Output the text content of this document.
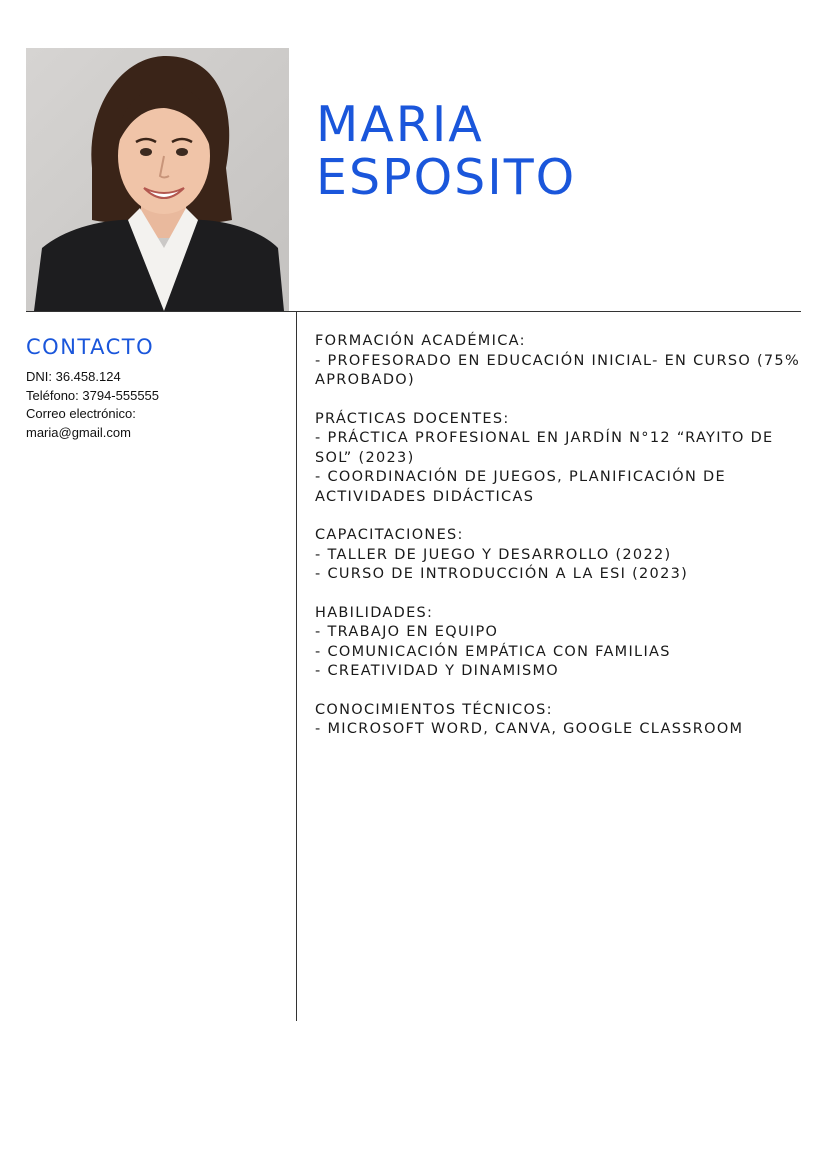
MARIA
ESPOSITO
CONTACTO
DNI: 36.458.124
Teléfono: 3794-555555
Correo electrónico:
maria@gmail.com

FORMACIÓN ACADÉMICA:

- PROFESORADO EN EDUCACIÓN INICIAL- EN CURSO (75% APROBADO)

PRÁCTICAS DOCENTES:

- PRÁCTICA PROFESIONAL EN JARDÍN N°12 “RAYITO DE SOL” (2023)

- COORDINACIÓN DE JUEGOS, PLANIFICACIÓN DE ACTIVIDADES DIDÁCTICAS

CAPACITACIONES:

- TALLER DE JUEGO Y DESARROLLO (2022)

- CURSO DE INTRODUCCIÓN A LA ESI (2023)

HABILIDADES:

- TRABAJO EN EQUIPO

- COMUNICACIÓN EMPÁTICA CON FAMILIAS

- CREATIVIDAD Y DINAMISMO

CONOCIMIENTOS TÉCNICOS:

- MICROSOFT WORD, CANVA, GOOGLE CLASSROOM
